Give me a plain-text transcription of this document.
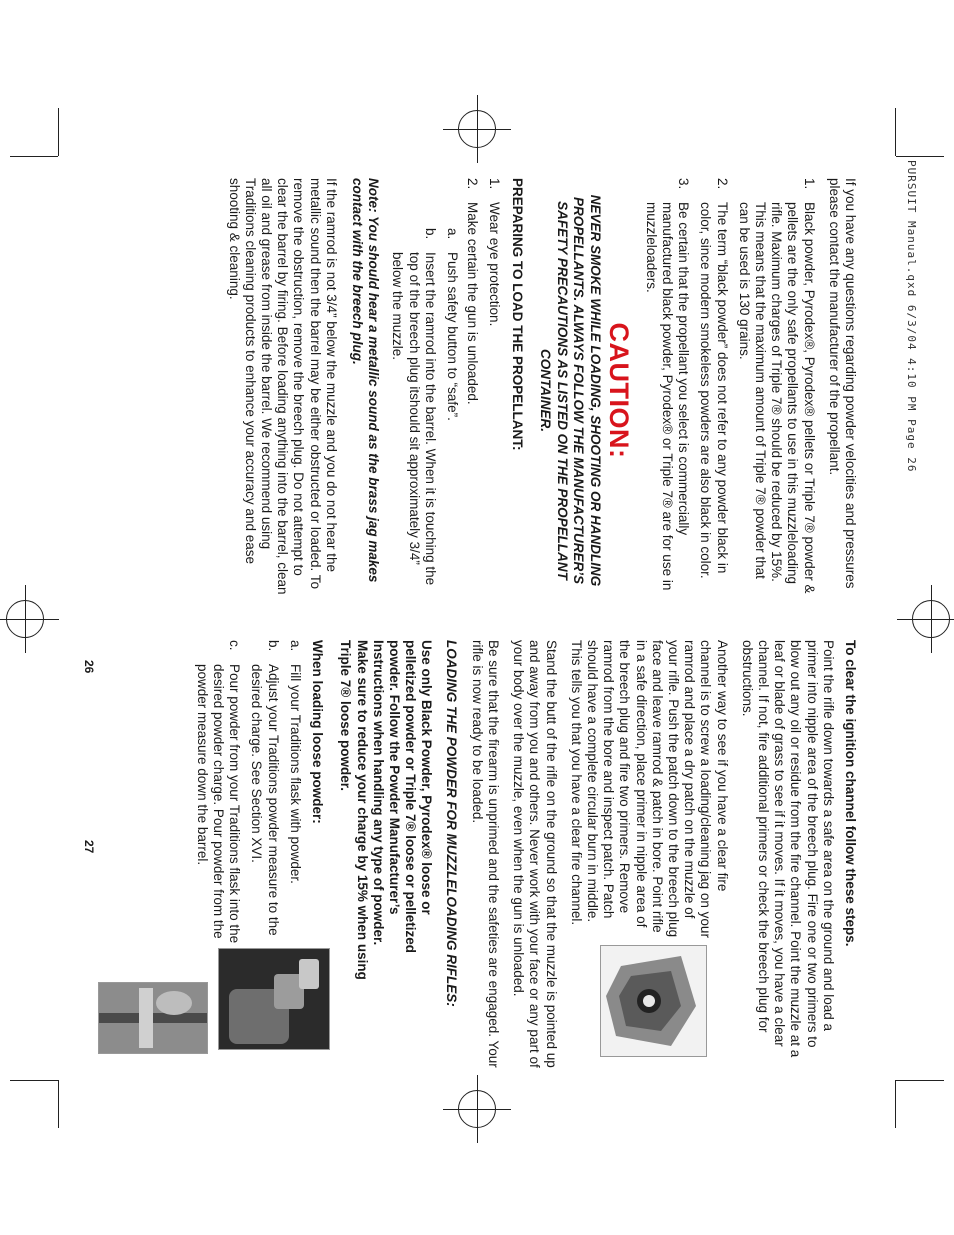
PURSUIT Manual.qxd 6/3/04 4:10 PM Page 26

If you have any questions regarding powder velocities and pressures please contact the manufacturer of the propellant.

1.
Black powder, Pyrodex®, Pyrodex® pellets or Triple 7® powder & pellets are the only safe propellants to use in this muzzleloading rifle. Maximum charges of Triple 7® should be reduced by 15%. This means that the maximum amount of Triple 7® powder that can be used is 130 grains.
2.
The term “black powder” does not refer to any powder black in color, since modern smokeless powders are also black in color.
3.
Be certain that the propellant you select is commercially manufactured black powder, Pyrodex® or Triple 7® are for use in muzzleloaders.
CAUTION:
NEVER SMOKE WHILE LOADING, SHOOTING OR HANDLING PROPELLANTS. ALWAYS FOLLOW THE MANUFACTURER’S SAFETY PRECAUTIONS AS LISTED ON THE PROPELLANT CONTAINER.
PREPARING TO LOAD THE PROPELLANT:
1.
Wear eye protection.
2.
Make certain the gun is unloaded.
a.
Push safety button to “safe”.
b.
Insert the ramrod into the barrel. When it is touching the top of the breech plug itshould sit approximately 3/4” below the muzzle.

Note: You should hear a metallic sound as the brass jag makes contact with the breech plug.

If the ramrod is not 3/4” below the muzzle and you do not hear the metallic sound then the barrel may be either obstructed or loaded. To remove the obstruction, remove the breech plug. Do not attempt to clear the barrel by firing. Before loading anything into the barrel, clean all oil and grease from inside the barrel. We recommend using Traditions cleaning products to enhance your accuracy and ease shooting & cleaning.

26	To clear the ignition channel follow these steps.

Point the rifle down towards a safe area on the ground and load a primer into nipple area of the breech plug. Fire one or two primers to blow out any oil or residue from the fire channel. Point the muzzle at a leaf or blade of grass to see if it moves. If it moves, you have a clear channel. If not, fire additional primers or check the breech plug for obstructions.

Another way to see if you have a clear fire channel is to screw a loading/cleaning jag on your ramrod and place a dry patch on the muzzle of your rifle. Push the patch down to the breech plug face and leave ramrod & patch in bore. Point rifle in a safe direction, place primer in nipple area of the breech plug and fire two primers. Remove ramrod from the bore and inspect patch. Patch should have a complete circular burn in middle. This tells you that you have a clear fire channel.

Stand the butt of the rifle on the ground so that the muzzle is pointed up and away from you and others. Never work with your face or any part of your body over the muzzle, even when the gun is unloaded.

Be sure that the firearm is unprimed and the safeties are engaged. Your rifle is now ready to be loaded.

LOADING THE POWDER FOR MUZZLELOADING RIFLES:

Use only Black Powder, Pyrodex® loose or pelletized powder or Triple 7® loose or pelletized powder. Follow the Powder Manufacturer’s Instructions when handling any type of powder. Make sure to reduce your charge by 15% when using Triple 7® loose powder.

When loading loose powder:
a.
Fill your Traditions flask with powder.
b.
Adjust your Traditions powder measure to the desired charge. See Section XVI.
c.
Pour powder from your Traditions flask into the desired powder charge. Pour powder from the powder measure down the barrel.
27
